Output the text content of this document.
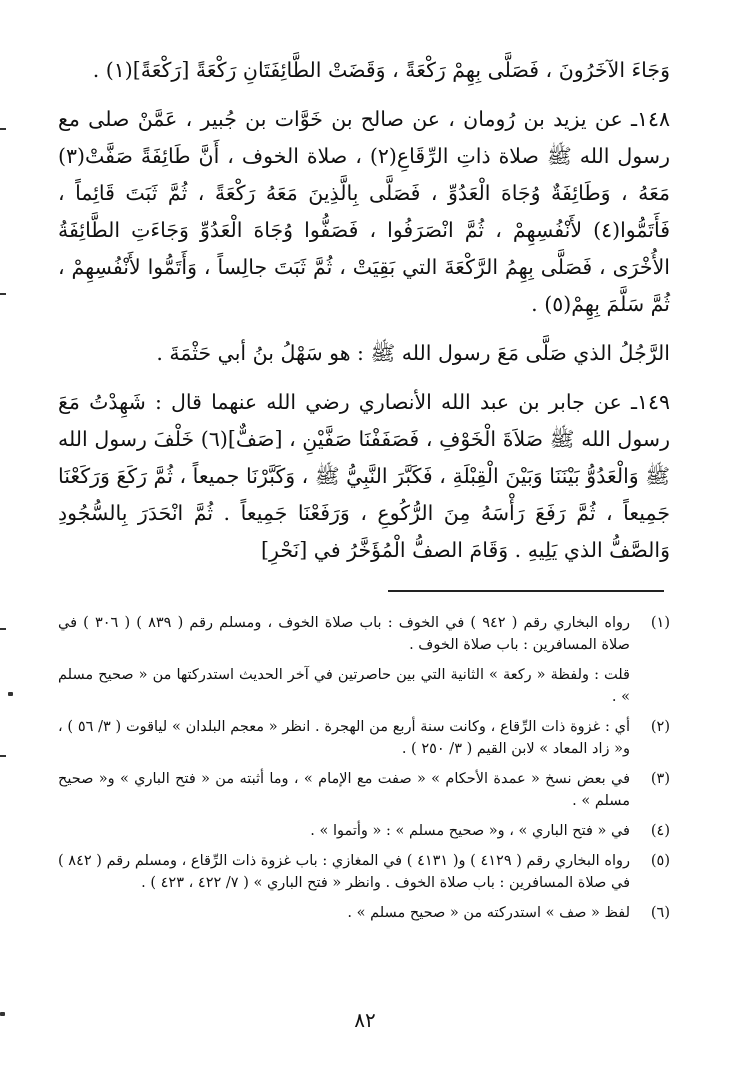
وَجَاءَ الآخَرُونَ ، فَصَلَّى بِهِمْ رَكْعَةً ، وَقَضَتْ الطَّائِفَتَانِ رَكْعَةً [رَكْعَةً](١) .

١٤٨ـ عن يزيد بن رُومان ، عن صالح بن خَوَّات بن جُبير ، عَمَّنْ صلى مع رسول الله ﷺ صلاة ذاتِ الرِّقَاعِ(٢) ، صلاة الخوف ، أَنَّ طَائِفَةً صَفَّتْ(٣) مَعَهُ ، وَطَائِفَةٌ وُجَاهَ الْعَدُوِّ ، فَصَلَّى بِالَّذِينَ مَعَهُ رَكْعَةً ، ثُمَّ ثَبَتَ قَائِماً ، فَأَتَمُّوا(٤) لأَنْفُسِهِمْ ، ثُمَّ انْصَرَفُوا ، فَصَفُّوا وُجَاهَ الْعَدُوِّ وَجَاءَتِ الطَّائِفَةُ الأُخْرَى ، فَصَلَّى بِهِمُ الرَّكْعَةَ التي بَقِيَتْ ، ثُمَّ ثَبَتَ جالِساً ، وَأَتَمُّوا لأَنْفُسِهِمْ ، ثُمَّ سَلَّمَ بِهِمْ(٥) .

الرَّجُلُ الذي صَلَّى مَعَ رسول الله ﷺ : هو سَهْلُ بنُ أبي حَثْمَةَ .

١٤٩ـ عن جابر بن عبد الله الأنصاري رضي الله عنهما قال : شَهِدْتُ مَعَ رسول الله ﷺ صَلاَةَ الْخَوْفِ ، فَصَفَفْنَا صَفَّيْنِ ، [صَفٌّ](٦) خَلْفَ رسول الله ﷺ وَالْعَدُوُّ بَيْنَنَا وَبَيْنَ الْقِبْلَةِ ، فَكَبَّرَ النَّبِيُّ ﷺ ، وَكَبَّرْنَا جميعاً ، ثُمَّ رَكَعَ وَرَكَعْنَا جَمِيعاً ، ثُمَّ رَفَعَ رَأْسَهُ مِنَ الرُّكُوعِ ، وَرَفَعْنَا جَمِيعاً . ثُمَّ انْحَدَرَ بِالسُّجُودِ وَالصَّفُّ الذي يَلِيهِ . وَقَامَ الصفُّ الْمُؤَخَّرُ في [نَحْرِ]

(١)

رواه البخاري رقم ( ٩٤٢ ) في الخوف : باب صلاة الخوف ، ومسلم رقم ( ٨٣٩ ) ( ٣٠٦ ) في صلاة المسافرين : باب صلاة الخوف .

قلت : ولفظة « ركعة » الثانية التي بين حاصرتين في آخر الحديث استدركتها من « صحيح مسلم » .

(٢)

أي : غزوة ذات الرِّقاع ، وكانت سنة أربع من الهجرة . انظر « معجم البلدان » لياقوت ( ٣/ ٥٦ ) ، و« زاد المعاد » لابن القيم ( ٣/ ٢٥٠ ) .

(٣)

في بعض نسخ « عمدة الأحكام » « صفت مع الإمام » ، وما أثبته من « فتح الباري » و« صحيح مسلم » .

(٤)

في « فتح الباري » ، و« صحيح مسلم » : « وأتموا » .

(٥)

رواه البخاري رقم ( ٤١٢٩ ) و( ٤١٣١ ) في المغازي : باب غزوة ذات الرِّقاع ، ومسلم رقم ( ٨٤٢ ) في صلاة المسافرين : باب صلاة الخوف . وانظر « فتح الباري » ( ٧/ ٤٢٢ ، ٤٢٣ ) .

(٦)

لفظ « صف » استدركته من « صحيح مسلم » .

٨٢
